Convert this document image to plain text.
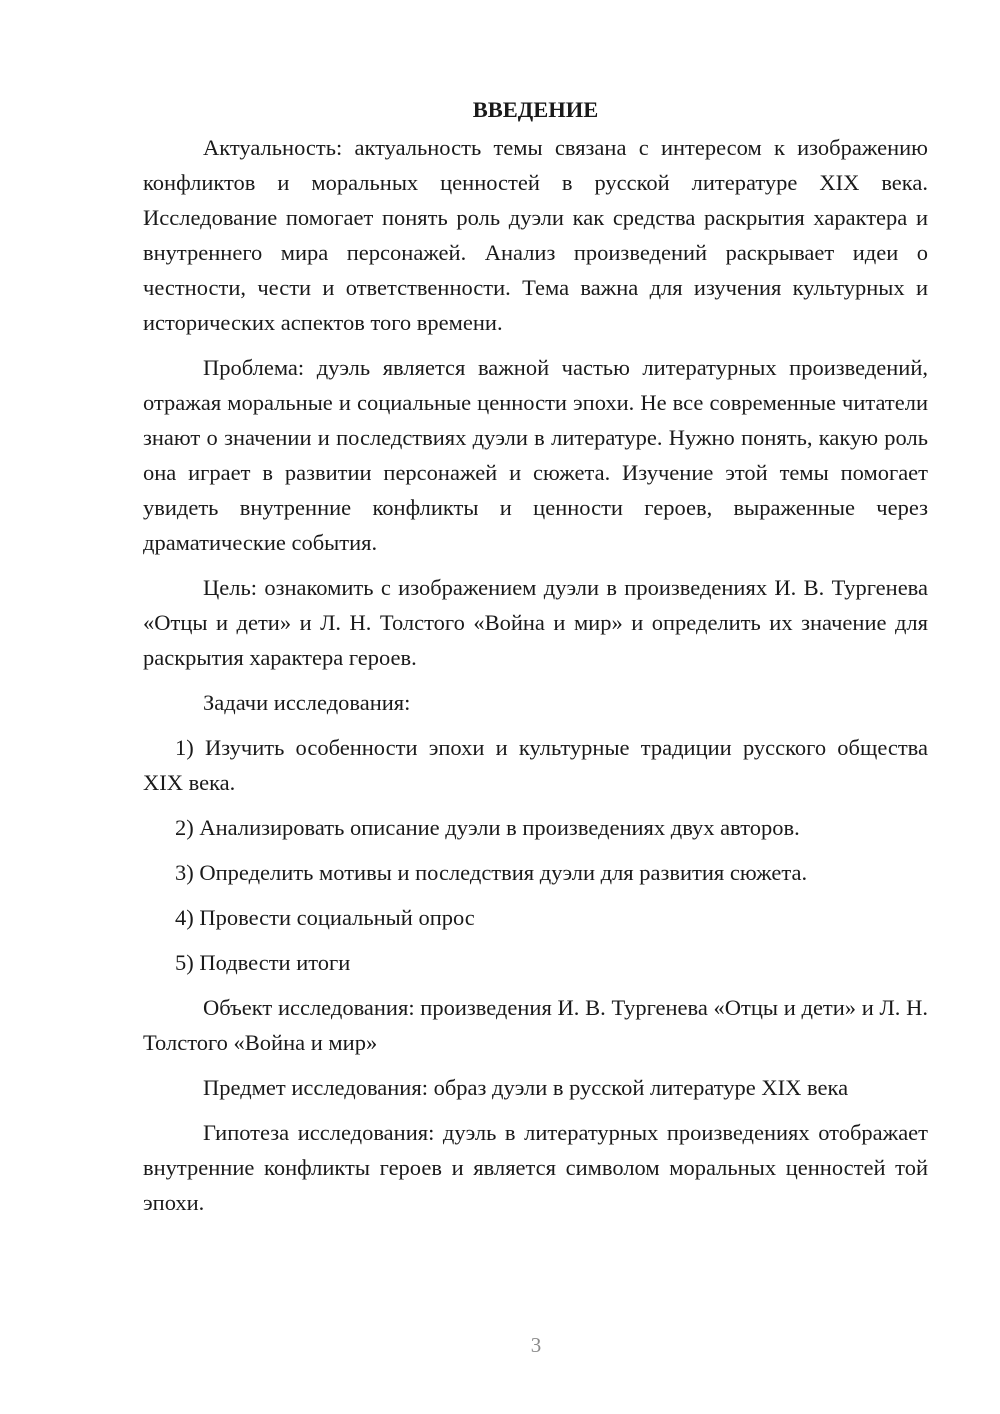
ВВЕДЕНИЕ

Актуальность: актуальность темы связана с интересом к изображению конфликтов и моральных ценностей в русской литературе XIX века. Исследование помогает понять роль дуэли как средства раскрытия характера и внутреннего мира персонажей. Анализ произведений раскрывает идеи о честности, чести и ответственности. Тема важна для изучения культурных и исторических аспектов того времени.

Проблема: дуэль является важной частью литературных произведений, отражая моральные и социальные ценности эпохи. Не все современные читатели знают о значении и последствиях дуэли в литературе. Нужно понять, какую роль она играет в развитии персонажей и сюжета. Изучение этой темы помогает увидеть внутренние конфликты и ценности героев, выраженные через драматические события.

Цель: ознакомить с изображением дуэли в произведениях И. В. Тургенева «Отцы и дети» и Л. Н. Толстого «Война и мир» и определить их значение для раскрытия характера героев.

Задачи исследования:

1) Изучить особенности эпохи и культурные традиции русского общества XIX века.

2) Анализировать описание дуэли в произведениях двух авторов.

3) Определить мотивы и последствия дуэли для развития сюжета.

4) Провести социальный опрос

5) Подвести итоги

Объект исследования: произведения И. В. Тургенева «Отцы и дети» и Л. Н. Толстого «Война и мир»

Предмет исследования: образ дуэли в русской литературе XIX века

Гипотеза исследования: дуэль в литературных произведениях отображает внутренние конфликты героев и является символом моральных ценностей той эпохи.

3
